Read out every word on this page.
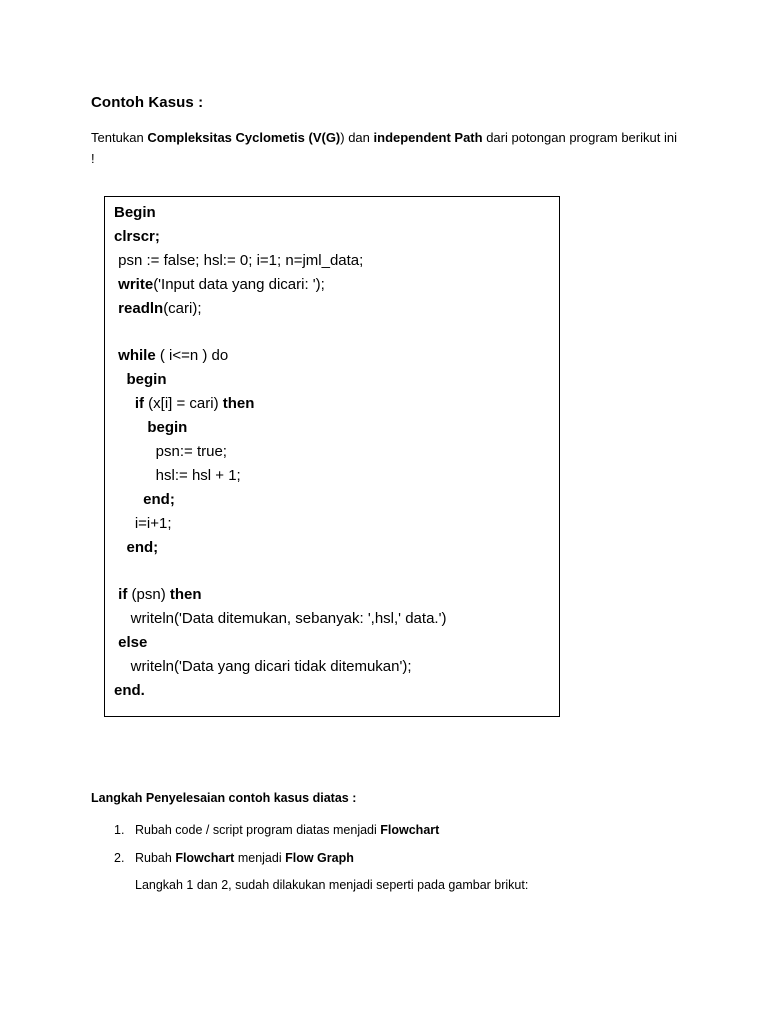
Contoh Kasus :
Tentukan Compleksitas Cyclometis (V(G)) dan independent Path dari potongan program berikut ini !
Begin
clrscr;
psn := false; hsl:= 0; i=1; n=jml_data;
write('Input data yang dicari: ');
readln(cari);
while ( i<=n ) do
begin
if (x[i] = cari) then
begin
psn:= true;
hsl:= hsl + 1;
end;
i=i+1;
end;
if (psn) then
writeln('Data ditemukan, sebanyak: ',hsl,' data.')
else
writeln('Data yang dicari tidak ditemukan');
end.
Langkah Penyelesaian contoh kasus diatas :
1. Rubah code / script program diatas menjadi Flowchart
2. Rubah Flowchart menjadi Flow Graph
Langkah 1 dan 2, sudah dilakukan menjadi seperti pada gambar brikut:
